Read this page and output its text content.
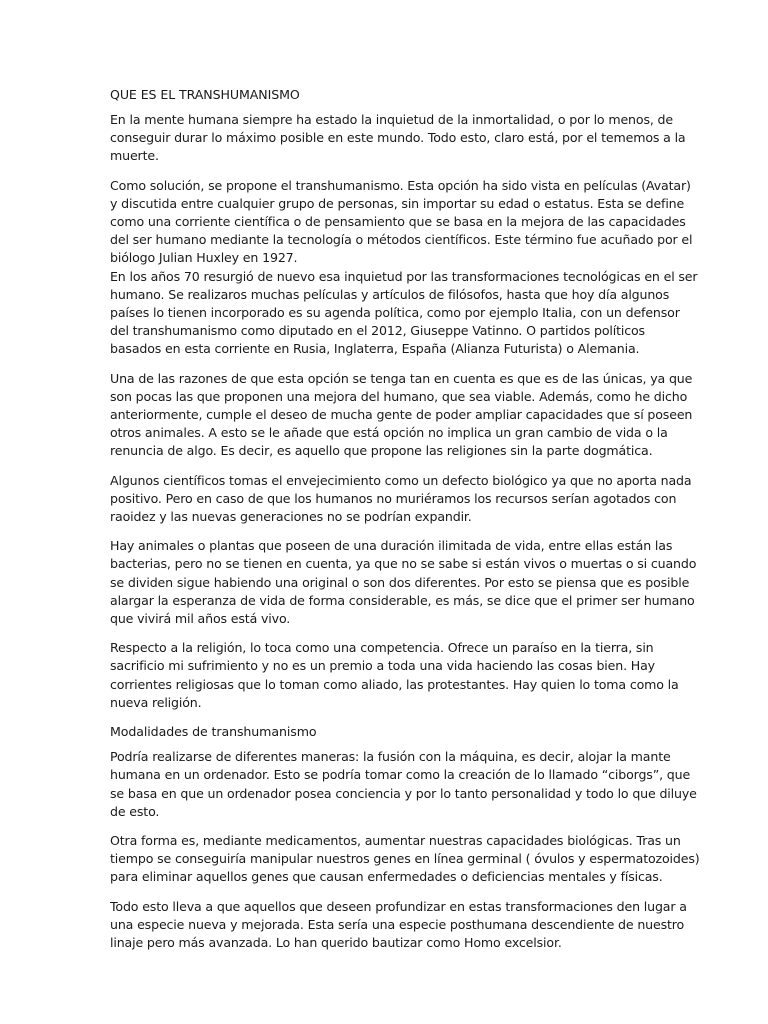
QUE ES EL TRANSHUMANISMO

En la mente humana siempre ha estado la inquietud de la inmortalidad, o por lo menos, de
conseguir durar lo máximo posible en este mundo. Todo esto, claro está, por el tememos a la
muerte.

Como solución, se propone el transhumanismo. Esta opción ha sido vista en películas (Avatar)
y discutida entre cualquier grupo de personas, sin importar su edad o estatus. Esta se define
como una corriente científica o de pensamiento que se basa en la mejora de las capacidades
del ser humano mediante la tecnología o métodos científicos. Este término fue acuñado por el
biólogo Julian Huxley en 1927.

En los años 70 resurgió de nuevo esa inquietud por las transformaciones tecnológicas en el ser
humano. Se realizaros muchas películas y artículos de filósofos, hasta que hoy día algunos
países lo tienen incorporado es su agenda política, como por ejemplo Italia, con un defensor
del transhumanismo como diputado en el 2012, Giuseppe Vatinno. O partidos políticos
basados en esta corriente en Rusia, Inglaterra, España (Alianza Futurista) o Alemania.

Una de las razones de que esta opción se tenga tan en cuenta es que es de las únicas, ya que
son pocas las que proponen una mejora del humano, que sea viable. Además, como he dicho
anteriormente, cumple el deseo de mucha gente de poder ampliar capacidades que sí poseen
otros animales. A esto se le añade que está opción no implica un gran cambio de vida o la
renuncia de algo. Es decir, es aquello que propone las religiones sin la parte dogmática.

Algunos científicos tomas el envejecimiento como un defecto biológico ya que no aporta nada
positivo. Pero en caso de que los humanos no muriéramos los recursos serían agotados con
raoidez y las nuevas generaciones no se podrían expandir.

Hay animales o plantas que poseen de una duración ilimitada de vida, entre ellas están las
bacterias, pero no se tienen en cuenta, ya que no se sabe si están vivos o muertas o si cuando
se dividen sigue habiendo una original o son dos diferentes. Por esto se piensa que es posible
alargar la esperanza de vida de forma considerable, es más, se dice que el primer ser humano
que vivirá mil años está vivo.

Respecto a la religión, lo toca como una competencia. Ofrece un paraíso en la tierra, sin
sacrificio mi sufrimiento y no es un premio a toda una vida haciendo las cosas bien. Hay
corrientes religiosas que lo toman como aliado, las protestantes. Hay quien lo toma como la
nueva religión.

Modalidades de transhumanismo

Podría realizarse de diferentes maneras: la fusión con la máquina, es decir, alojar la mante
humana en un ordenador. Esto se podría tomar como la creación de lo llamado “ciborgs”, que
se basa en que un ordenador posea conciencia y por lo tanto personalidad y todo lo que diluye
de esto.

Otra forma es, mediante medicamentos, aumentar nuestras capacidades biológicas. Tras un
tiempo se conseguiría manipular nuestros genes en línea germinal ( óvulos y espermatozoides)
para eliminar aquellos genes que causan enfermedades o deficiencias mentales y físicas.

Todo esto lleva a que aquellos que deseen profundizar en estas transformaciones den lugar a
una especie nueva y mejorada. Esta sería una especie posthumana descendiente de nuestro
linaje pero más avanzada. Lo han querido bautizar como Homo excelsior.
